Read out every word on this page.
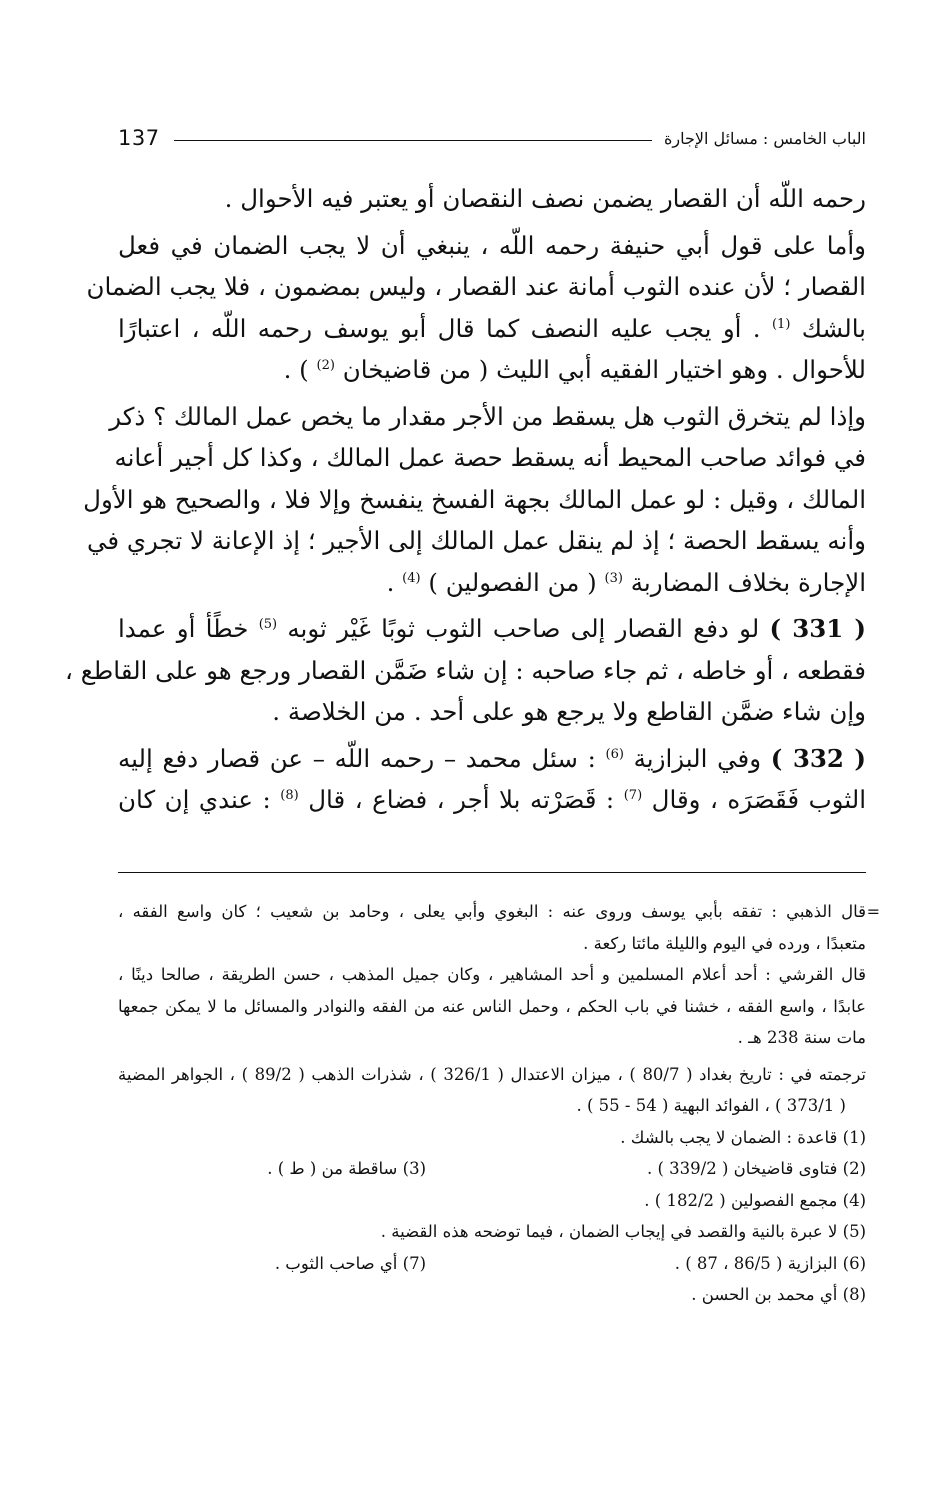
137	الباب الخامس : مسائل الإجارة
رحمه اللّه أن القصار يضمن نصف النقصان أو يعتبر فيه الأحوال .
وأما على قول أبي حنيفة رحمه اللّه ، ينبغي أن لا يجب الضمان في فعل
القصار ؛ لأن عنده الثوب أمانة عند القصار ، وليس بمضمون ، فلا يجب الضمان
بالشك $^{(1)}$ . أو يجب عليه النصف كما قال أبو يوسف رحمه اللّه ، اعتبارًا
للأحوال . وهو اختيار الفقيه أبي الليث ( من قاضيخان $^{(2)}$ ) .
وإذا لم يتخرق الثوب هل يسقط من الأجر مقدار ما يخص عمل المالك ؟ ذكر
في فوائد صاحب المحيط أنه يسقط حصة عمل المالك ، وكذا كل أجير أعانه
المالك ، وقيل : لو عمل المالك بجهة الفسخ ينفسخ وإلا فلا ، والصحيح هو الأول
وأنه يسقط الحصة ؛ إذ لم ينقل عمل المالك إلى الأجير ؛ إذ الإعانة لا تجري في
الإجارة بخلاف المضاربة $^{(3)}$ ( من الفصولين ) $^{(4)}$ .
( 331 ) لو دفع القصار إلى صاحب الثوب ثوبًا غَيْر ثوبه $^{(5)}$ خطًأ أو عمدا
فقطعه ، أو خاطه ، ثم جاء صاحبه : إن شاء ضَمَّن القصار ورجع هو على القاطع ،
وإن شاء ضمَّن القاطع ولا يرجع هو على أحد . من الخلاصة .
( 332 ) وفي البزازية $^{(6)}$ : سئل محمد – رحمه اللّه – عن قصار دفع إليه
الثوب فَقَصَرَه ، وقال $^{(7)}$ : قَصَرْته بلا أجر ، فضاع ، قال $^{(8)}$ : عندي إن كان
=
قال الذهبي : تفقه بأبي يوسف وروى عنه : البغوي وأبي يعلى ، وحامد بن شعيب ؛ كان واسع الفقه ،
متعبدًا ، ورده في اليوم والليلة مائتا ركعة .
قال القرشي : أحد أعلام المسلمين و أحد المشاهير ، وكان جميل المذهب ، حسن الطريقة ، صالحا دينًا ،
عابدًا ، واسع الفقه ، خشنا في باب الحكم ، وحمل الناس عنه من الفقه والنوادر والمسائل ما لا يمكن جمعها
مات سنة 238 هـ .
ترجمته في : تاريخ بغداد ( 80/7 ) ، ميزان الاعتدال ( 326/1 ) ، شذرات الذهب ( 89/2 ) ، الجواهر المضية
( 373/1 ) ، الفوائد البهية ( 54 - 55 ) .
(1) قاعدة : الضمان لا يجب بالشك .
(2) فتاوى قاضيخان ( 339/2 ) .
(3) ساقطة من ( ط ) .
(4) مجمع الفصولين ( 182/2 ) .
(5) لا عبرة بالنية والقصد في إيجاب الضمان ، فيما توضحه هذه القضية .
(6) البزازية ( 86/5 ، 87 ) .
(7) أي صاحب الثوب .
(8) أي محمد بن الحسن .
